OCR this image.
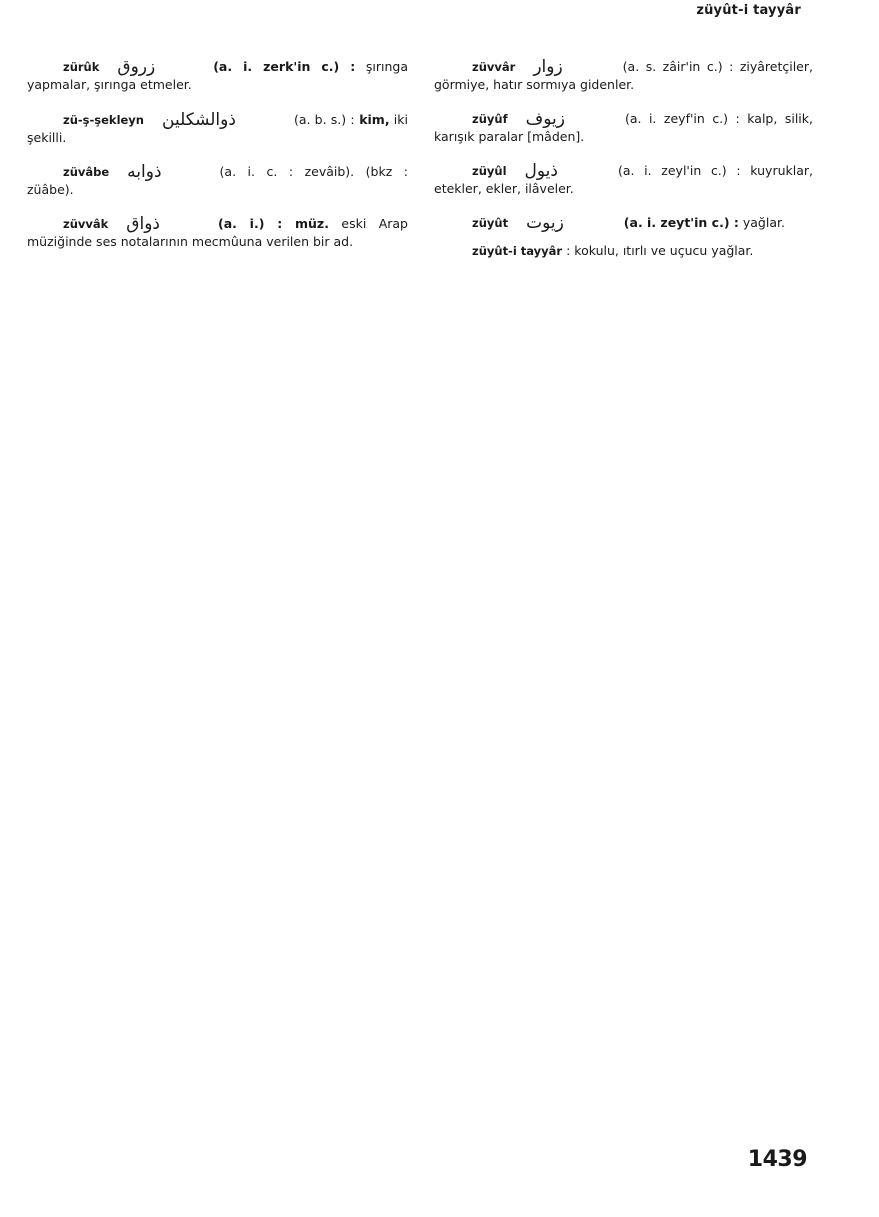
züyût-i tayyâr
zürûk زروق	(a. i. zerk'in c.) : şırınga yapmalar, şırınga etmeler.
zü-ş-şekleyn ذوالشكلين	(a. b. s.) : kim, iki şekilli.
züvâbe ذوابه	(a. i. c. : zevâib). (bkz : züâbe).
züvvâk ذواق	(a. i.) : müz. eski Arap müziğinde ses notalarının mecmûuna verilen bir ad.
züvvâr زوار	(a. s. zâir'in c.) : ziyâretçiler, görmiye, hatır sormıya gidenler.
züyûf زيوف	(a. i. zeyf'in c.) : kalp, silik, karışık paralar [mâden].
züyûl ذيول	(a. i. zeyl'in c.) : kuyruklar, etekler, ekler, ilâveler.
züyût زيوت	(a. i. zeyt'in c.) : yağlar.
züyût-i tayyâr : kokulu, ıtırlı ve uçucu yağlar.
1439
